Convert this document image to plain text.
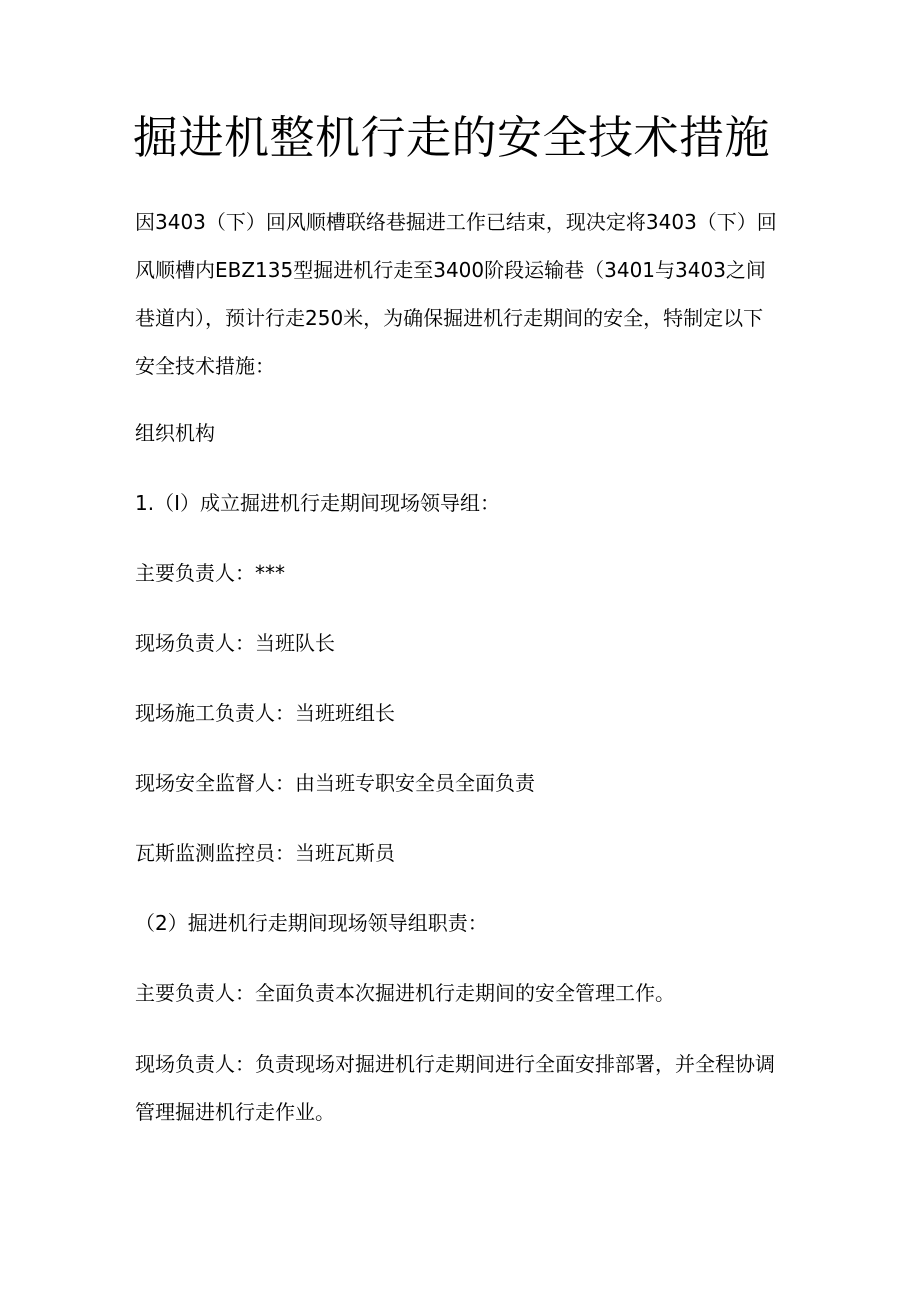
掘进机整机行走的安全技术措施

因3403（下）回风顺槽联络巷掘进工作已结束，现决定将3403（下）回
风顺槽内EBZ135型掘进机行走至3400阶段运输巷（3401与3403之间
巷道内），预计行走250米，为确保掘进机行走期间的安全，特制定以下
安全技术措施：

组织机构

1.（I）成立掘进机行走期间现场领导组：

主要负责人：***

现场负责人：当班队长

现场施工负责人：当班班组长

现场安全监督人：由当班专职安全员全面负责

瓦斯监测监控员：当班瓦斯员

（2）掘进机行走期间现场领导组职责：

主要负责人：全面负责本次掘进机行走期间的安全管理工作。

现场负责人：负责现场对掘进机行走期间进行全面安排部署，并全程协调
管理掘进机行走作业。
